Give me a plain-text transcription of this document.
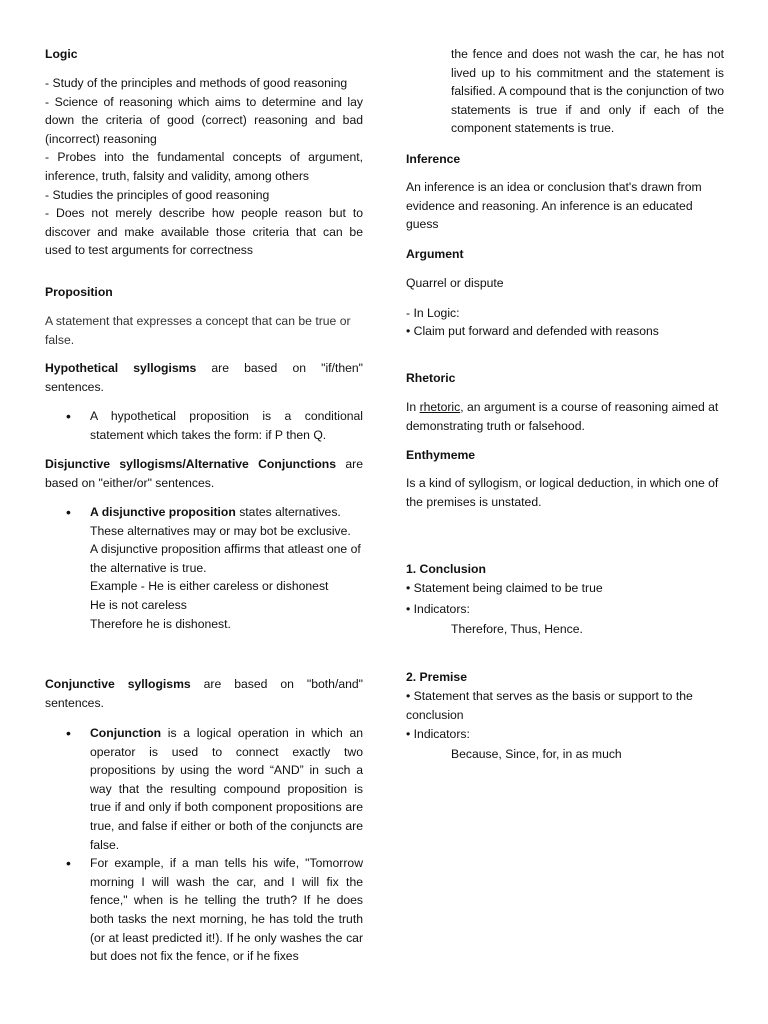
Logic
- Study of the principles and methods of good reasoning
- Science of reasoning which aims to determine and lay down the criteria of good (correct) reasoning and bad (incorrect) reasoning
- Probes into the fundamental concepts of argument, inference, truth, falsity and validity, among others
- Studies the principles of good reasoning
- Does not merely describe how people reason but to discover and make available those criteria that can be used to test arguments for correctness
Proposition
A statement that expresses a concept that can be true or false.
Hypothetical syllogisms are based on "if/then" sentences.
• A hypothetical proposition is a conditional statement which takes the form: if P then Q.
Disjunctive syllogisms/Alternative Conjunctions are based on "either/or" sentences.
• A disjunctive proposition states alternatives.
These alternatives may or may bot be exclusive.
A disjunctive proposition affirms that atleast one of the alternative is true.
Example - He is either careless or dishonest
He is not careless
Therefore he is dishonest.
Conjunctive syllogisms are based on "both/and" sentences.
• Conjunction is a logical operation in which an operator is used to connect exactly two propositions by using the word “AND” in such a way that the resulting compound proposition is true if and only if both component propositions are true, and false if either or both of the conjuncts are false.
• For example, if a man tells his wife, "Tomorrow morning I will wash the car, and I will fix the fence," when is he telling the truth? If he does both tasks the next morning, he has told the truth (or at least predicted it!). If he only washes the car but does not fix the fence, or if he fixes
the fence and does not wash the car, he has not lived up to his commitment and the statement is falsified. A compound that is the conjunction of two statements is true if and only if each of the component statements is true.
Inference
An inference is an idea or conclusion that's drawn from evidence and reasoning. An inference is an educated guess
Argument
Quarrel or dispute
- In Logic:
• Claim put forward and defended with reasons
Rhetoric
In rhetoric, an argument is a course of reasoning aimed at demonstrating truth or falsehood.
Enthymeme
Is a kind of syllogism, or logical deduction, in which one of the premises is unstated.
1. Conclusion
• Statement being claimed to be true
• Indicators:
Therefore, Thus, Hence.
2. Premise
• Statement that serves as the basis or support to the conclusion
• Indicators:
Because, Since, for, in as much
